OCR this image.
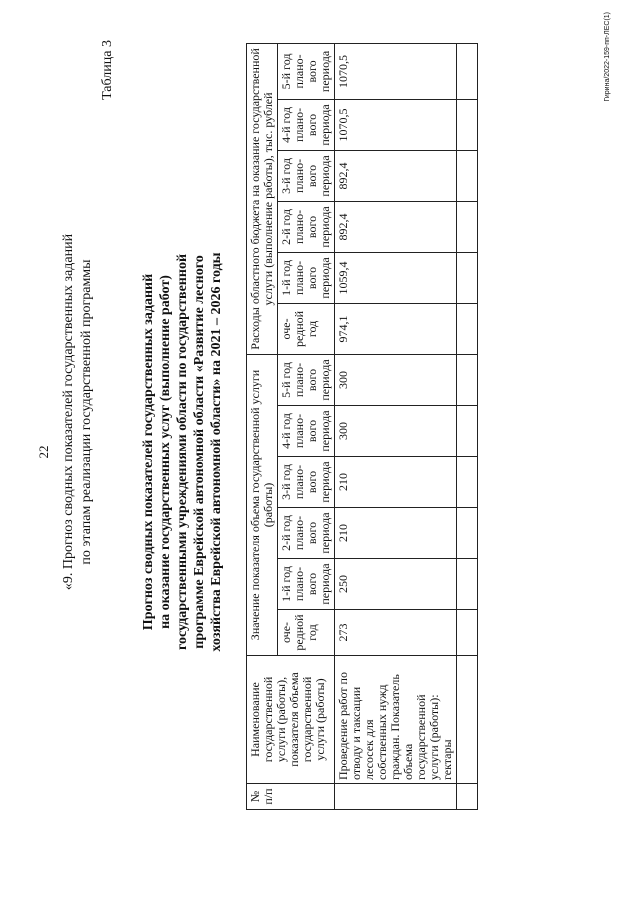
22 «9. Прогноз сводных показателей государственных заданий по этапам реализации государственной программы
Таблица 3
Прогноз сводных показателей государственных заданий на оказание государственных услуг (выполнение работ) государственными учреждениями области по государственной программе Еврейской автономной области «Развитие лесного хозяйства Еврейской автономной области» на 2021 – 2026 годы
№ п/п	Наименование государственной услуги (работы), показателя объема государственной услуги (работы)	Значение показателя объема государственной услуги (работы)						Расходы областного бюджета на оказание государственной услуги (выполнение работы), тыс. рублей					
		оче-редной год	1-й год плано-вого периода	2-й год плано-вого периода	3-й год плано-вого периода	4-й год плано-вого периода	5-й год плано-вого периода	оче-редной год	1-й год плано-вого периода	2-й год плано-вого периода	3-й год плано-вого периода	4-й год плано-вого периода	5-й год плано-вого периода
	Проведение работ по отводу и таксации лесосек для собственных нужд граждан. Показатель объема государственной услуги (работы): гектары	273	250	210	210	300	300	974,1	1059,4	892,4	892,4	1070,5	1070,5
														Гирина/2022-159-пп-ЛЕС(1)
